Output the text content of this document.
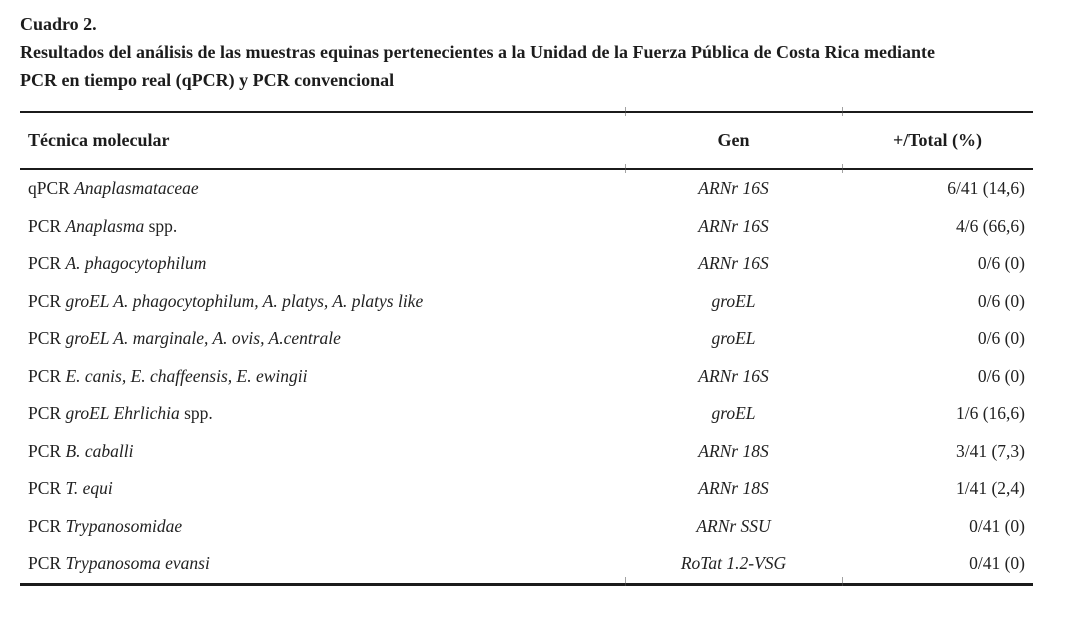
Cuadro 2.
Resultados del análisis de las muestras equinas pertenecientes a la Unidad de la Fuerza Pública de Costa Rica mediante
PCR en tiempo real (qPCR) y PCR convencional
Técnica molecular	Gen	+/Total (%)
qPCR Anaplasmataceae	ARNr 16S	6/41 (14,6)
PCR Anaplasma spp.	ARNr 16S	4/6 (66,6)
PCR A. phagocytophilum	ARNr 16S	0/6 (0)
PCR groEL A. phagocytophilum, A. platys, A. platys like	groEL	0/6 (0)
PCR groEL A. marginale, A. ovis, A.centrale	groEL	0/6 (0)
PCR E. canis, E. chaffeensis, E. ewingii	ARNr 16S	0/6 (0)
PCR groEL Ehrlichia spp.	groEL	1/6 (16,6)
PCR B. caballi	ARNr 18S	3/41 (7,3)
PCR T. equi	ARNr 18S	1/41 (2,4)
PCR Trypanosomidae	ARNr SSU	0/41 (0)
PCR Trypanosoma evansi	RoTat 1.2-VSG	0/41 (0)
